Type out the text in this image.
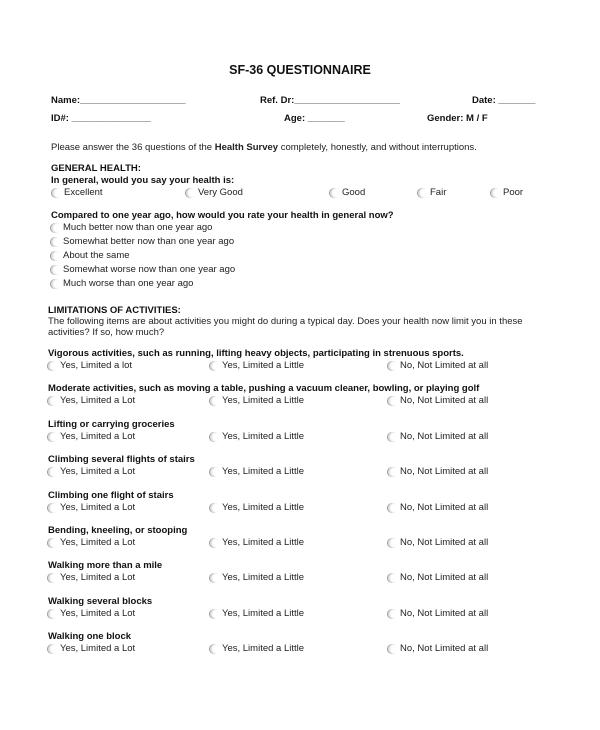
SF-36 QUESTIONNAIRE
Name:____________________	Ref. Dr:____________________	Date: _______
ID#: _______________	Age: _______	Gender: M / F
Please answer the 36 questions of the Health Survey completely, honestly, and without interruptions.
GENERAL HEALTH:
In general, would you say your health is:
Excellent	Very Good	Good	Fair	Poor
Compared to one year ago, how would you rate your health in general now?
Much better now than one year ago
Somewhat better now than one year ago
About the same
Somewhat worse now than one year ago
Much worse than one year ago
LIMITATIONS OF ACTIVITIES:
The following items are about activities you might do during a typical day. Does your health now limit you in these
activities? If so, how much?
Vigorous activities, such as running, lifting heavy objects, participating in strenuous sports.
Yes, Limited a lot	Yes, Limited a Little	No, Not Limited at all
Moderate activities, such as moving a table, pushing a vacuum cleaner, bowling, or playing golf
Yes, Limited a Lot	Yes, Limited a Little	No, Not Limited at all
Lifting or carrying groceries
Yes, Limited a Lot	Yes, Limited a Little	No, Not Limited at all
Climbing several flights of stairs
Yes, Limited a Lot	Yes, Limited a Little	No, Not Limited at all
Climbing one flight of stairs
Yes, Limited a Lot	Yes, Limited a Little	No, Not Limited at all
Bending, kneeling, or stooping
Yes, Limited a Lot	Yes, Limited a Little	No, Not Limited at all
Walking more than a mile
Yes, Limited a Lot	Yes, Limited a Little	No, Not Limited at all
Walking several blocks
Yes, Limited a Lot	Yes, Limited a Little	No, Not Limited at all
Walking one block
Yes, Limited a Lot	Yes, Limited a Little	No, Not Limited at all
